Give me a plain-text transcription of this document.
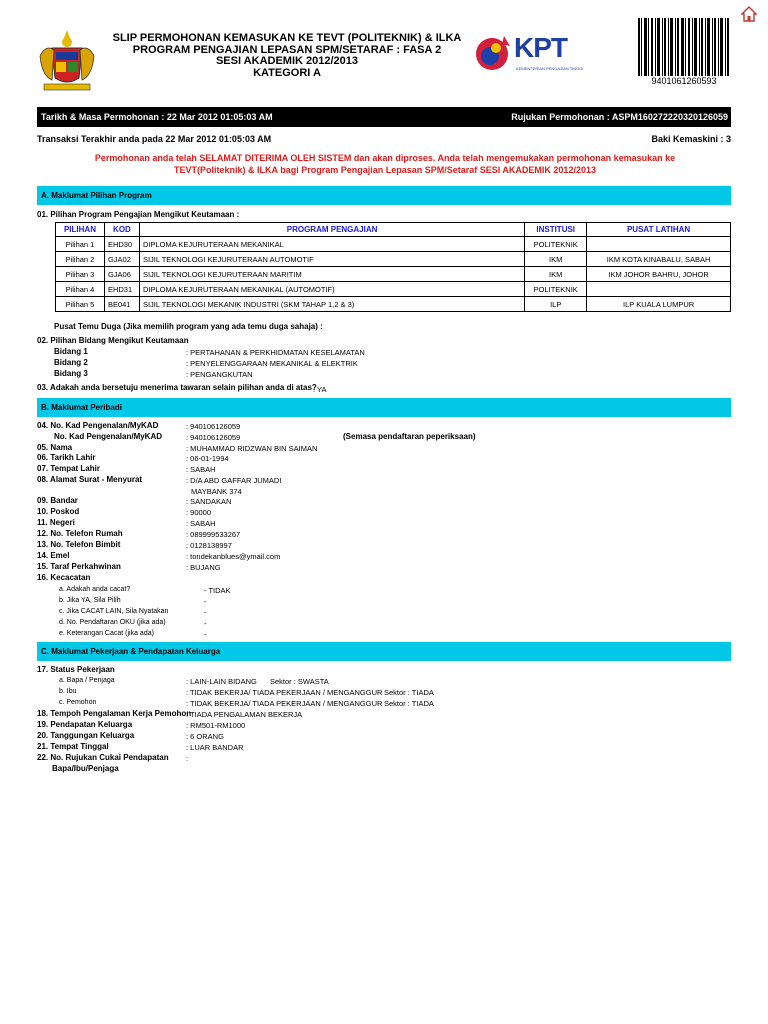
SLIP PERMOHONAN KEMASUKAN KE TEVT (POLITEKNIK) & ILKA
PROGRAM PENGAJIAN LEPASAN SPM/SETARAF : FASA 2
SESI AKADEMIK 2012/2013
KATEGORI A
KPT
KEMENTERIAN PENGAJIAN TINGGI
9401061260593
Tarikh & Masa Permohonan : 22 Mar 2012 01:05:03 AM	Rujukan Permohonan : ASPM160272220320126059
Transaksi Terakhir anda pada 22 Mar 2012 01:05:03 AM	Baki Kemaskini : 3
Permohonan anda telah SELAMAT DITERIMA OLEH SISTEM dan akan diproses. Anda telah mengemukakan permohonan kemasukan ke TEVT(Politeknik) & ILKA bagi Program Pengajian Lepasan SPM/Setaraf SESI AKADEMIK 2012/2013
A. Maklumat Pilihan Program
01. Pilihan Program Pengajian Mengikut Keutamaan :
PILIHAN	KOD	PROGRAM PENGAJIAN	INSTITUSI	PUSAT LATIHAN
Pilihan 1	EHD30	DIPLOMA KEJURUTERAAN MEKANIKAL	POLITEKNIK	
Pilihan 2	GJA02	SIJIL TEKNOLOGI KEJURUTERAAN AUTOMOTIF	IKM	IKM KOTA KINABALU, SABAH
Pilihan 3	GJA06	SIJIL TEKNOLOGI KEJURUTERAAN MARITIM	IKM	IKM JOHOR BAHRU, JOHOR
Pilihan 4	EHD31	DIPLOMA KEJURUTERAAN MEKANIKAL (AUTOMOTIF)	POLITEKNIK	
Pilihan 5	BE041	SIJIL TEKNOLOGI MEKANIK INDUSTRI (SKM TAHAP 1,2 & 3)	ILP	ILP KUALA LUMPUR
Pusat Temu Duga (Jika memilih program yang ada temu duga sahaja) :
02. Pilihan Bidang Mengikut Keutamaan
Bidang 1	: PERTAHANAN & PERKHIDMATAN KESELAMATAN
Bidang 2	: PENYELENGGARAAN MEKANIKAL & ELEKTRIK
Bidang 3	: PENGANGKUTAN
03. Adakah anda bersetuju menerima tawaran selain pilihan anda di atas?
: YA
B. Maklumat Peribadi
04. No. Kad Pengenalan/MyKAD	: 940106126059
No. Kad Pengenalan/MyKAD	: 940106126059	(Semasa pendaftaran peperiksaan)
05. Nama	: MUHAMMAD RIDZWAN BIN SAIMAN
06. Tarikh Lahir	: 06-01-1994
07. Tempat Lahir	: SABAH
08. Alamat Surat - Menyurat	: D/A ABD GAFFAR JUMADI
MAYBANK 374
09. Bandar	: SANDAKAN
10. Poskod	: 90000
11. Negeri	: SABAH
12. No. Telefon Rumah	: 089999533267
13. No. Telefon Bimbit	: 0128138997
14. Emel	: tondekanblues@ymail.com
15. Taraf Perkahwinan	: BUJANG
16. Kecacatan
a. Adakah anda cacat?	- TIDAK
b. Jika YA, Sila Pilih	-
c. Jika CACAT LAIN, Sila Nyatakan	-
d. No. Pendaftaran OKU (jika ada)	-
e. Keterangan Cacat (jika ada)	-
C. Maklumat Pekerjaan & Pendapatan Keluarga
17. Status Pekerjaan
a. Bapa / Penjaga	: LAIN-LAIN BIDANG Sektor : SWASTA
b. Ibu	: TIDAK BEKERJA/ TIADA PEKERJAAN / MENGANGGUR Sektor : TIADA
c. Pemohon	: TIDAK BEKERJA/ TIADA PEKERJAAN / MENGANGGUR Sektor : TIADA
18. Tempoh Pengalaman Kerja Pemohon
: TIADA PENGALAMAN BEKERJA
19. Pendapatan Keluarga	: RM501-RM1000
20. Tanggungan Keluarga	: 6 ORANG
21. Tempat Tinggal	: LUAR BANDAR
22. No. Rujukan Cukai Pendapatan :
Bapa/Ibu/Penjaga
